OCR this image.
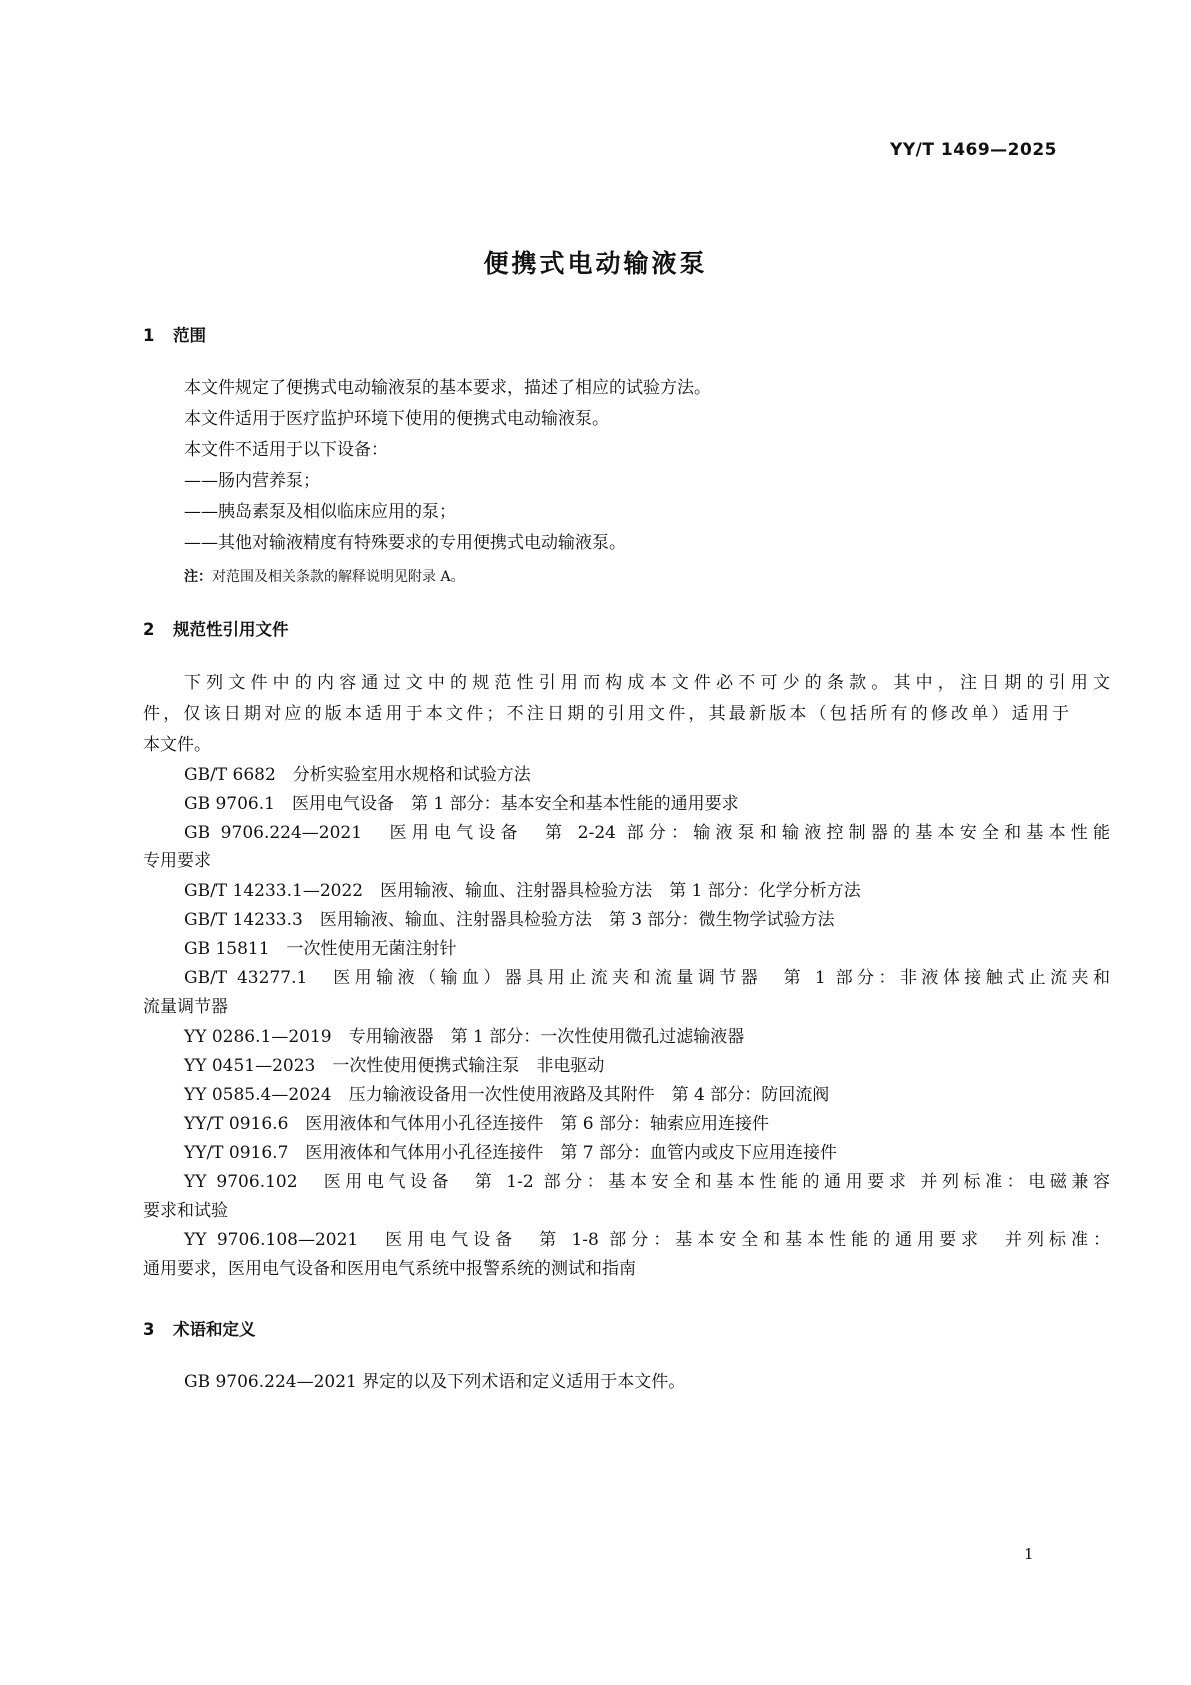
YY/T 1469—2025
便携式电动输液泵
1 范围
本文件规定了便携式电动输液泵的基本要求，描述了相应的试验方法。
本文件适用于医疗监护环境下使用的便携式电动输液泵。
本文件不适用于以下设备：
——肠内营养泵；
——胰岛素泵及相似临床应用的泵；
——其他对输液精度有特殊要求的专用便携式电动输液泵。
注：对范围及相关条款的解释说明见附录 A。
2 规范性引用文件
下列文件中的内容通过文中的规范性引用而构成本文件必不可少的条款。其中，注日期的引用文
件，仅该日期对应的版本适用于本文件；不注日期的引用文件，其最新版本（包括所有的修改单）适用于
本文件。
GB/T 6682　分析实验室用水规格和试验方法
GB 9706.1　医用电气设备　第 1 部分：基本安全和基本性能的通用要求
GB 9706.224—2021　医用电气设备　第 2-24 部分：输液泵和输液控制器的基本安全和基本性能
专用要求
GB/T 14233.1—2022　医用输液、输血、注射器具检验方法　第 1 部分：化学分析方法
GB/T 14233.3　医用输液、输血、注射器具检验方法　第 3 部分：微生物学试验方法
GB 15811　一次性使用无菌注射针
GB/T 43277.1　医用输液（输血）器具用止流夹和流量调节器　第 1 部分：非液体接触式止流夹和
流量调节器
YY 0286.1—2019　专用输液器　第 1 部分：一次性使用微孔过滤输液器
YY 0451—2023　一次性使用便携式输注泵　非电驱动
YY 0585.4—2024　压力输液设备用一次性使用液路及其附件　第 4 部分：防回流阀
YY/T 0916.6　医用液体和气体用小孔径连接件　第 6 部分：轴索应用连接件
YY/T 0916.7　医用液体和气体用小孔径连接件　第 7 部分：血管内或皮下应用连接件
YY 9706.102　医用电气设备　第 1-2 部分：基本安全和基本性能的通用要求 并列标准：电磁兼容
要求和试验
YY 9706.108—2021　医用电气设备　第 1-8 部分：基本安全和基本性能的通用要求　并列标准：
通用要求，医用电气设备和医用电气系统中报警系统的测试和指南
3 术语和定义
GB 9706.224—2021 界定的以及下列术语和定义适用于本文件。
1
